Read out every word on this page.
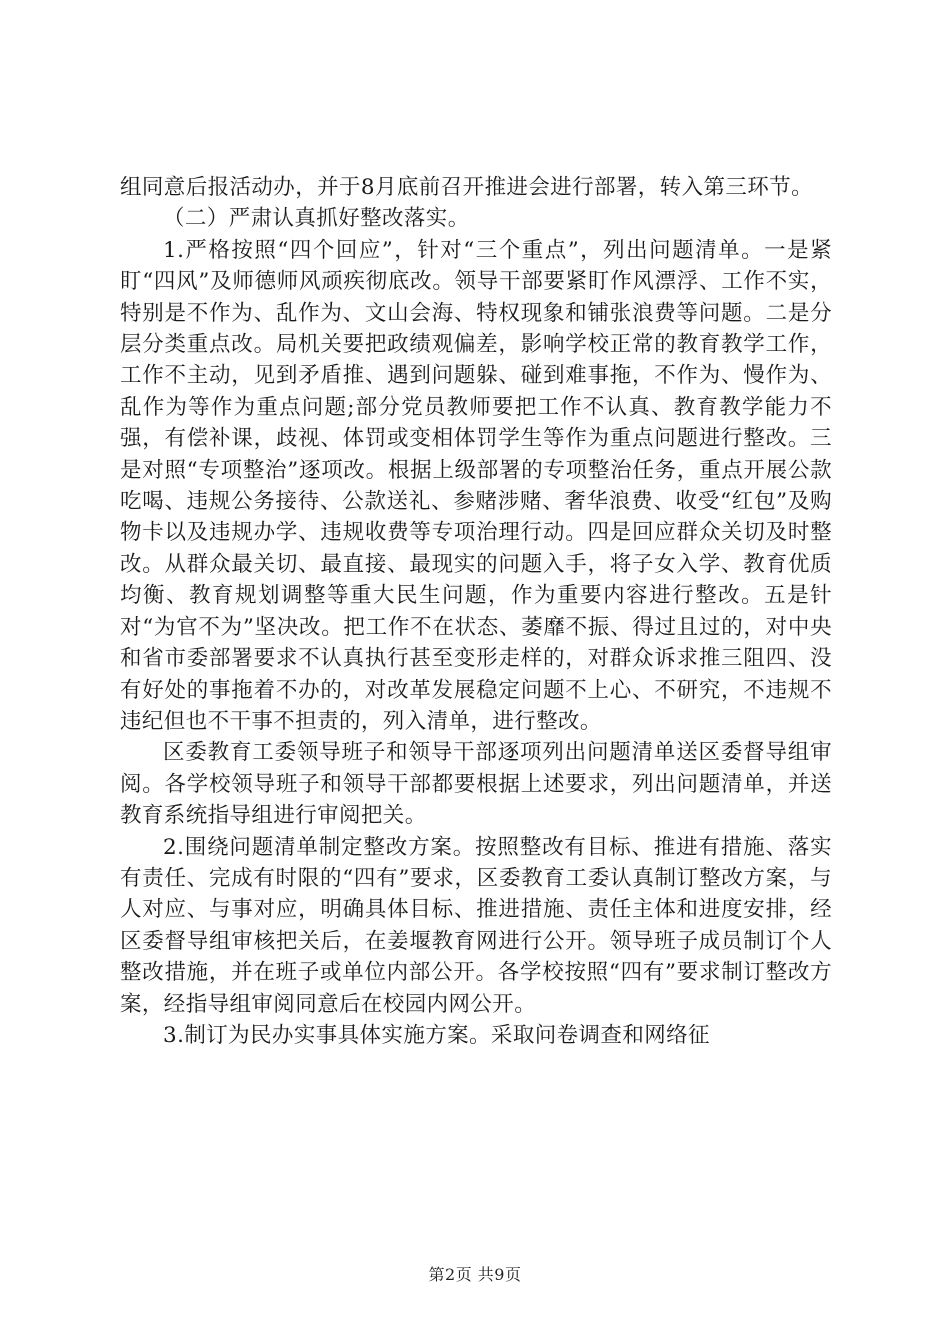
组同意后报活动办，并于8月底前召开推进会进行部署，转入第三环节。

（二）严肃认真抓好整改落实。

1.严格按照“四个回应”，针对“三个重点”，列出问题清单。一是紧盯“四风”及师德师风顽疾彻底改。领导干部要紧盯作风漂浮、工作不实，特别是不作为、乱作为、文山会海、特权现象和铺张浪费等问题。二是分层分类重点改。局机关要把政绩观偏差，影响学校正常的教育教学工作，工作不主动，见到矛盾推、遇到问题躲、碰到难事拖，不作为、慢作为、乱作为等作为重点问题;部分党员教师要把工作不认真、教育教学能力不强，有偿补课，歧视、体罚或变相体罚学生等作为重点问题进行整改。三是对照“专项整治”逐项改。根据上级部署的专项整治任务，重点开展公款吃喝、违规公务接待、公款送礼、参赌涉赌、奢华浪费、收受“红包”及购物卡以及违规办学、违规收费等专项治理行动。四是回应群众关切及时整改。从群众最关切、最直接、最现实的问题入手，将子女入学、教育优质均衡、教育规划调整等重大民生问题，作为重要内容进行整改。五是针对“为官不为”坚决改。把工作不在状态、萎靡不振、得过且过的，对中央和省市委部署要求不认真执行甚至变形走样的，对群众诉求推三阻四、没有好处的事拖着不办的，对改革发展稳定问题不上心、不研究，不违规不违纪但也不干事不担责的，列入清单，进行整改。

区委教育工委领导班子和领导干部逐项列出问题清单送区委督导组审阅。各学校领导班子和领导干部都要根据上述要求，列出问题清单，并送教育系统指导组进行审阅把关。

2.围绕问题清单制定整改方案。按照整改有目标、推进有措施、落实有责任、完成有时限的“四有”要求，区委教育工委认真制订整改方案，与人对应、与事对应，明确具体目标、推进措施、责任主体和进度安排，经区委督导组审核把关后，在姜堰教育网进行公开。领导班子成员制订个人整改措施，并在班子或单位内部公开。各学校按照“四有”要求制订整改方案，经指导组审阅同意后在校园内网公开。

3.制订为民办实事具体实施方案。采取问卷调查和网络征

第2页 共9页
